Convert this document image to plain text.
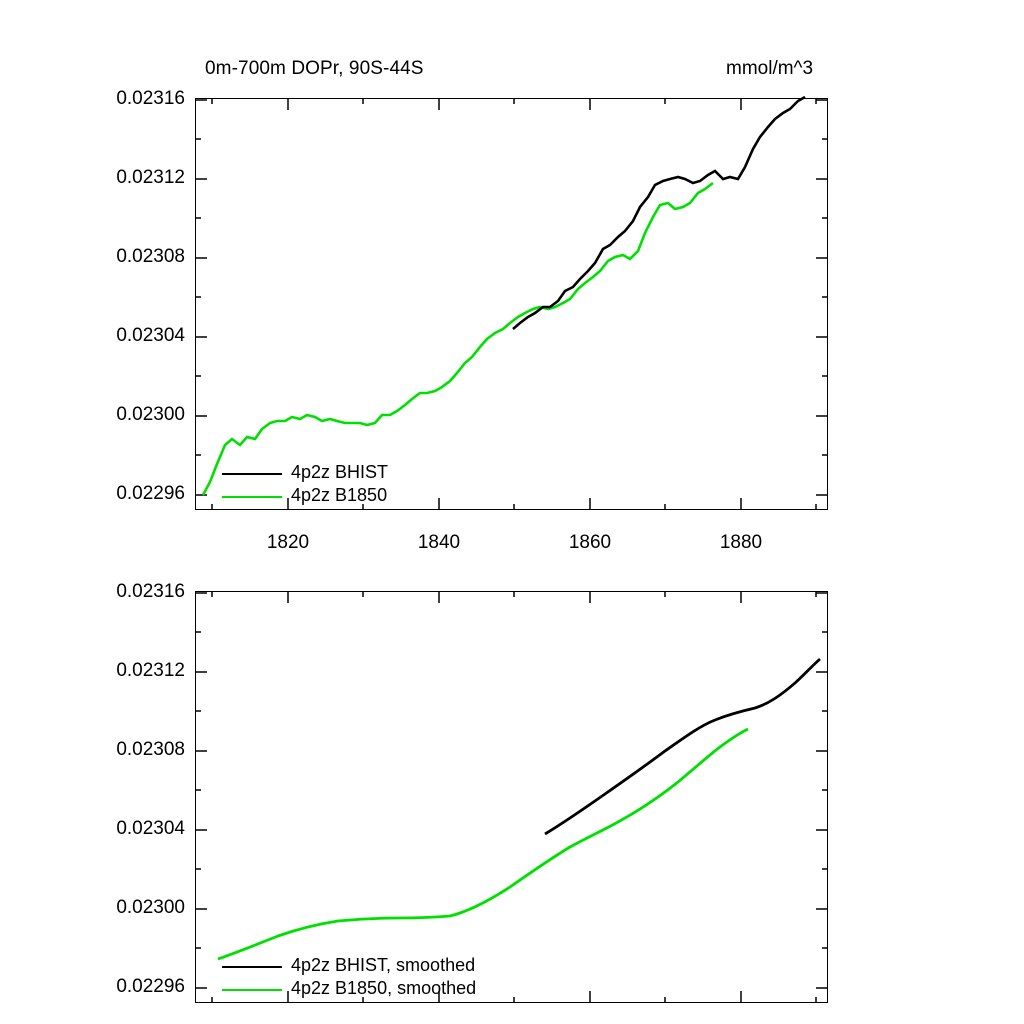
0m-700m DOPr, 90S-44S	mmol/m^3
0.02316
0.02312
0.02308
0.02304
0.02300
0.02296
1820	1840	1860	1880
4p2z BHIST
4p2z B1850
0.02316
0.02312
0.02308
0.02304
0.02300
0.02296
4p2z BHIST, smoothed
4p2z B1850, smoothed
